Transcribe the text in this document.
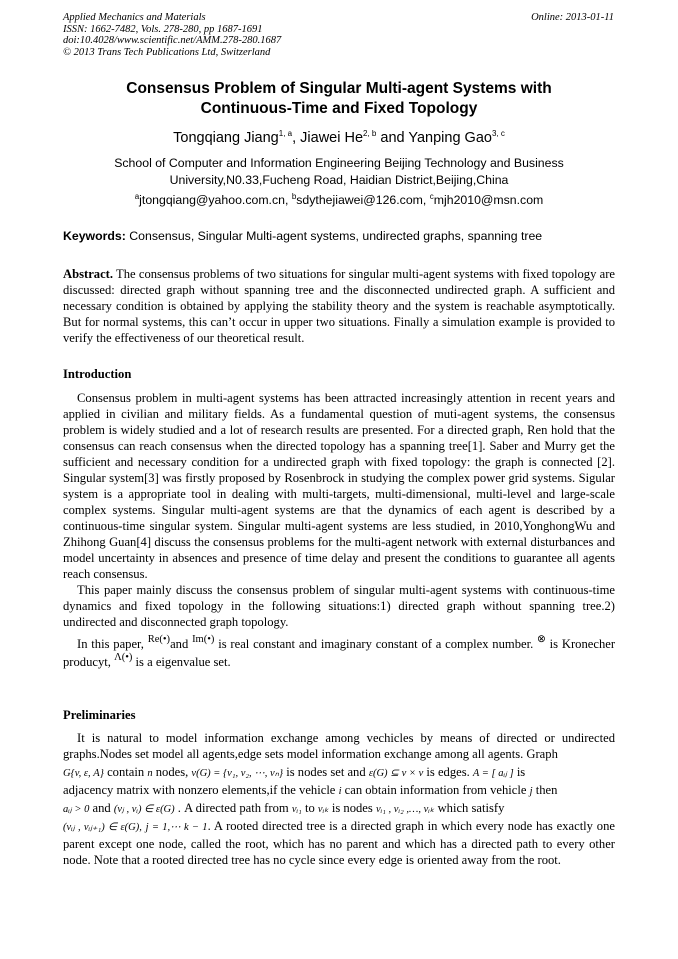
Applied Mechanics and Materials
ISSN: 1662-7482, Vols. 278-280, pp 1687-1691
doi:10.4028/www.scientific.net/AMM.278-280.1687
© 2013 Trans Tech Publications Ltd, Switzerland
Online: 2013-01-11
Consensus Problem of Singular Multi-agent Systems with
Continuous-Time and Fixed Topology
Tongqiang Jiang$^{1, a}$, Jiawei He$^{2, b}$ and Yanping Gao$^{3, c}$
School of Computer and Information Engineering Beijing Technology and Business
University,N0.33,Fucheng Road, Haidian District,Beijing,China
$^a$jtongqiang@yahoo.com.cn, $^b$sdythejiawei@126.com, $^c$mjh2010@msn.com
Keywords: Consensus, Singular Multi-agent systems, undirected graphs, spanning tree
Abstract. The consensus problems of two situations for singular multi-agent systems with fixed topology are discussed: directed graph without spanning tree and the disconnected undirected graph. A sufficient and necessary condition is obtained by applying the stability theory and the system is reachable asymptotically. But for normal systems, this can’t occur in upper two situations. Finally a simulation example is provided to verify the effectiveness of our theoretical result.
Introduction

Consensus problem in multi-agent systems has been attracted increasingly attention in recent years and applied in civilian and military fields. As a fundamental question of muti-agent systems, the consensus problem is widely studied and a lot of research results are presented. For a directed graph, Ren hold that the consensus can reach consensus when the directed topology has a spanning tree[1]. Saber and Murry get the sufficient and necessary condition for a undirected graph with fixed topology: the graph is connected [2]. Singular system[3] was firstly proposed by Rosenbrock in studying the complex power grid systems. Sigular system is a appropriate tool in dealing with multi-targets, multi-dimensional, multi-level and large-scale complex systems. Singular multi-agent systems are that the dynamics of each agent is described by a continuous-time singular system. Singular multi-agent systems are less studied, in 2010,YonghongWu and Zhihong Guan[4] discuss the consensus problems for the multi-agent network with external disturbances and model uncertainty in absences and presence of time delay and present the conditions to guarantee all agents reach consensus.

This paper mainly discuss the consensus problem of singular multi-agent systems with continuous-time dynamics and fixed topology in the following situations:1) directed graph without spanning tree.2) undirected and disconnected graph topology.

In this paper, $^{Re(•)}$and $^{Im(•)}$ is real constant and imaginary constant of a complex number. ⊗ is Kronecher producyt, $^{\Lambda(•)}$ is a eigenvalue set.

Preliminaries

It is natural to model information exchange among vechicles by means of directed or undirected graphs.Nodes set model all agents,edge sets model information exchange among all agents. Graph

G{v, ε, A} contain n nodes, v(G) = {v₁, v₂, ⋯, vₙ} is nodes set and ε(G) ⊆ v × v is edges. A = [ aᵢⱼ ] is
adjacency matrix with nonzero elements,if the vehicle i can obtain information from vehicle j then
aᵢⱼ > 0 and (vⱼ , vᵢ) ∈ ε(G) . A directed path from vᵢ₁ to vᵢₖ is nodes vᵢ₁ , vᵢ₂ ,…, vᵢₖ which satisfy

(vᵢⱼ , vᵢⱼ₊₁) ∈ ε(G), j = 1,⋯ k − 1. A rooted directed tree is a directed graph in which every node has exactly one parent except one node, called the root, which has no parent and which has a directed path to every other node. Note that a rooted directed tree has no cycle since every edge is oriented away from the root.
